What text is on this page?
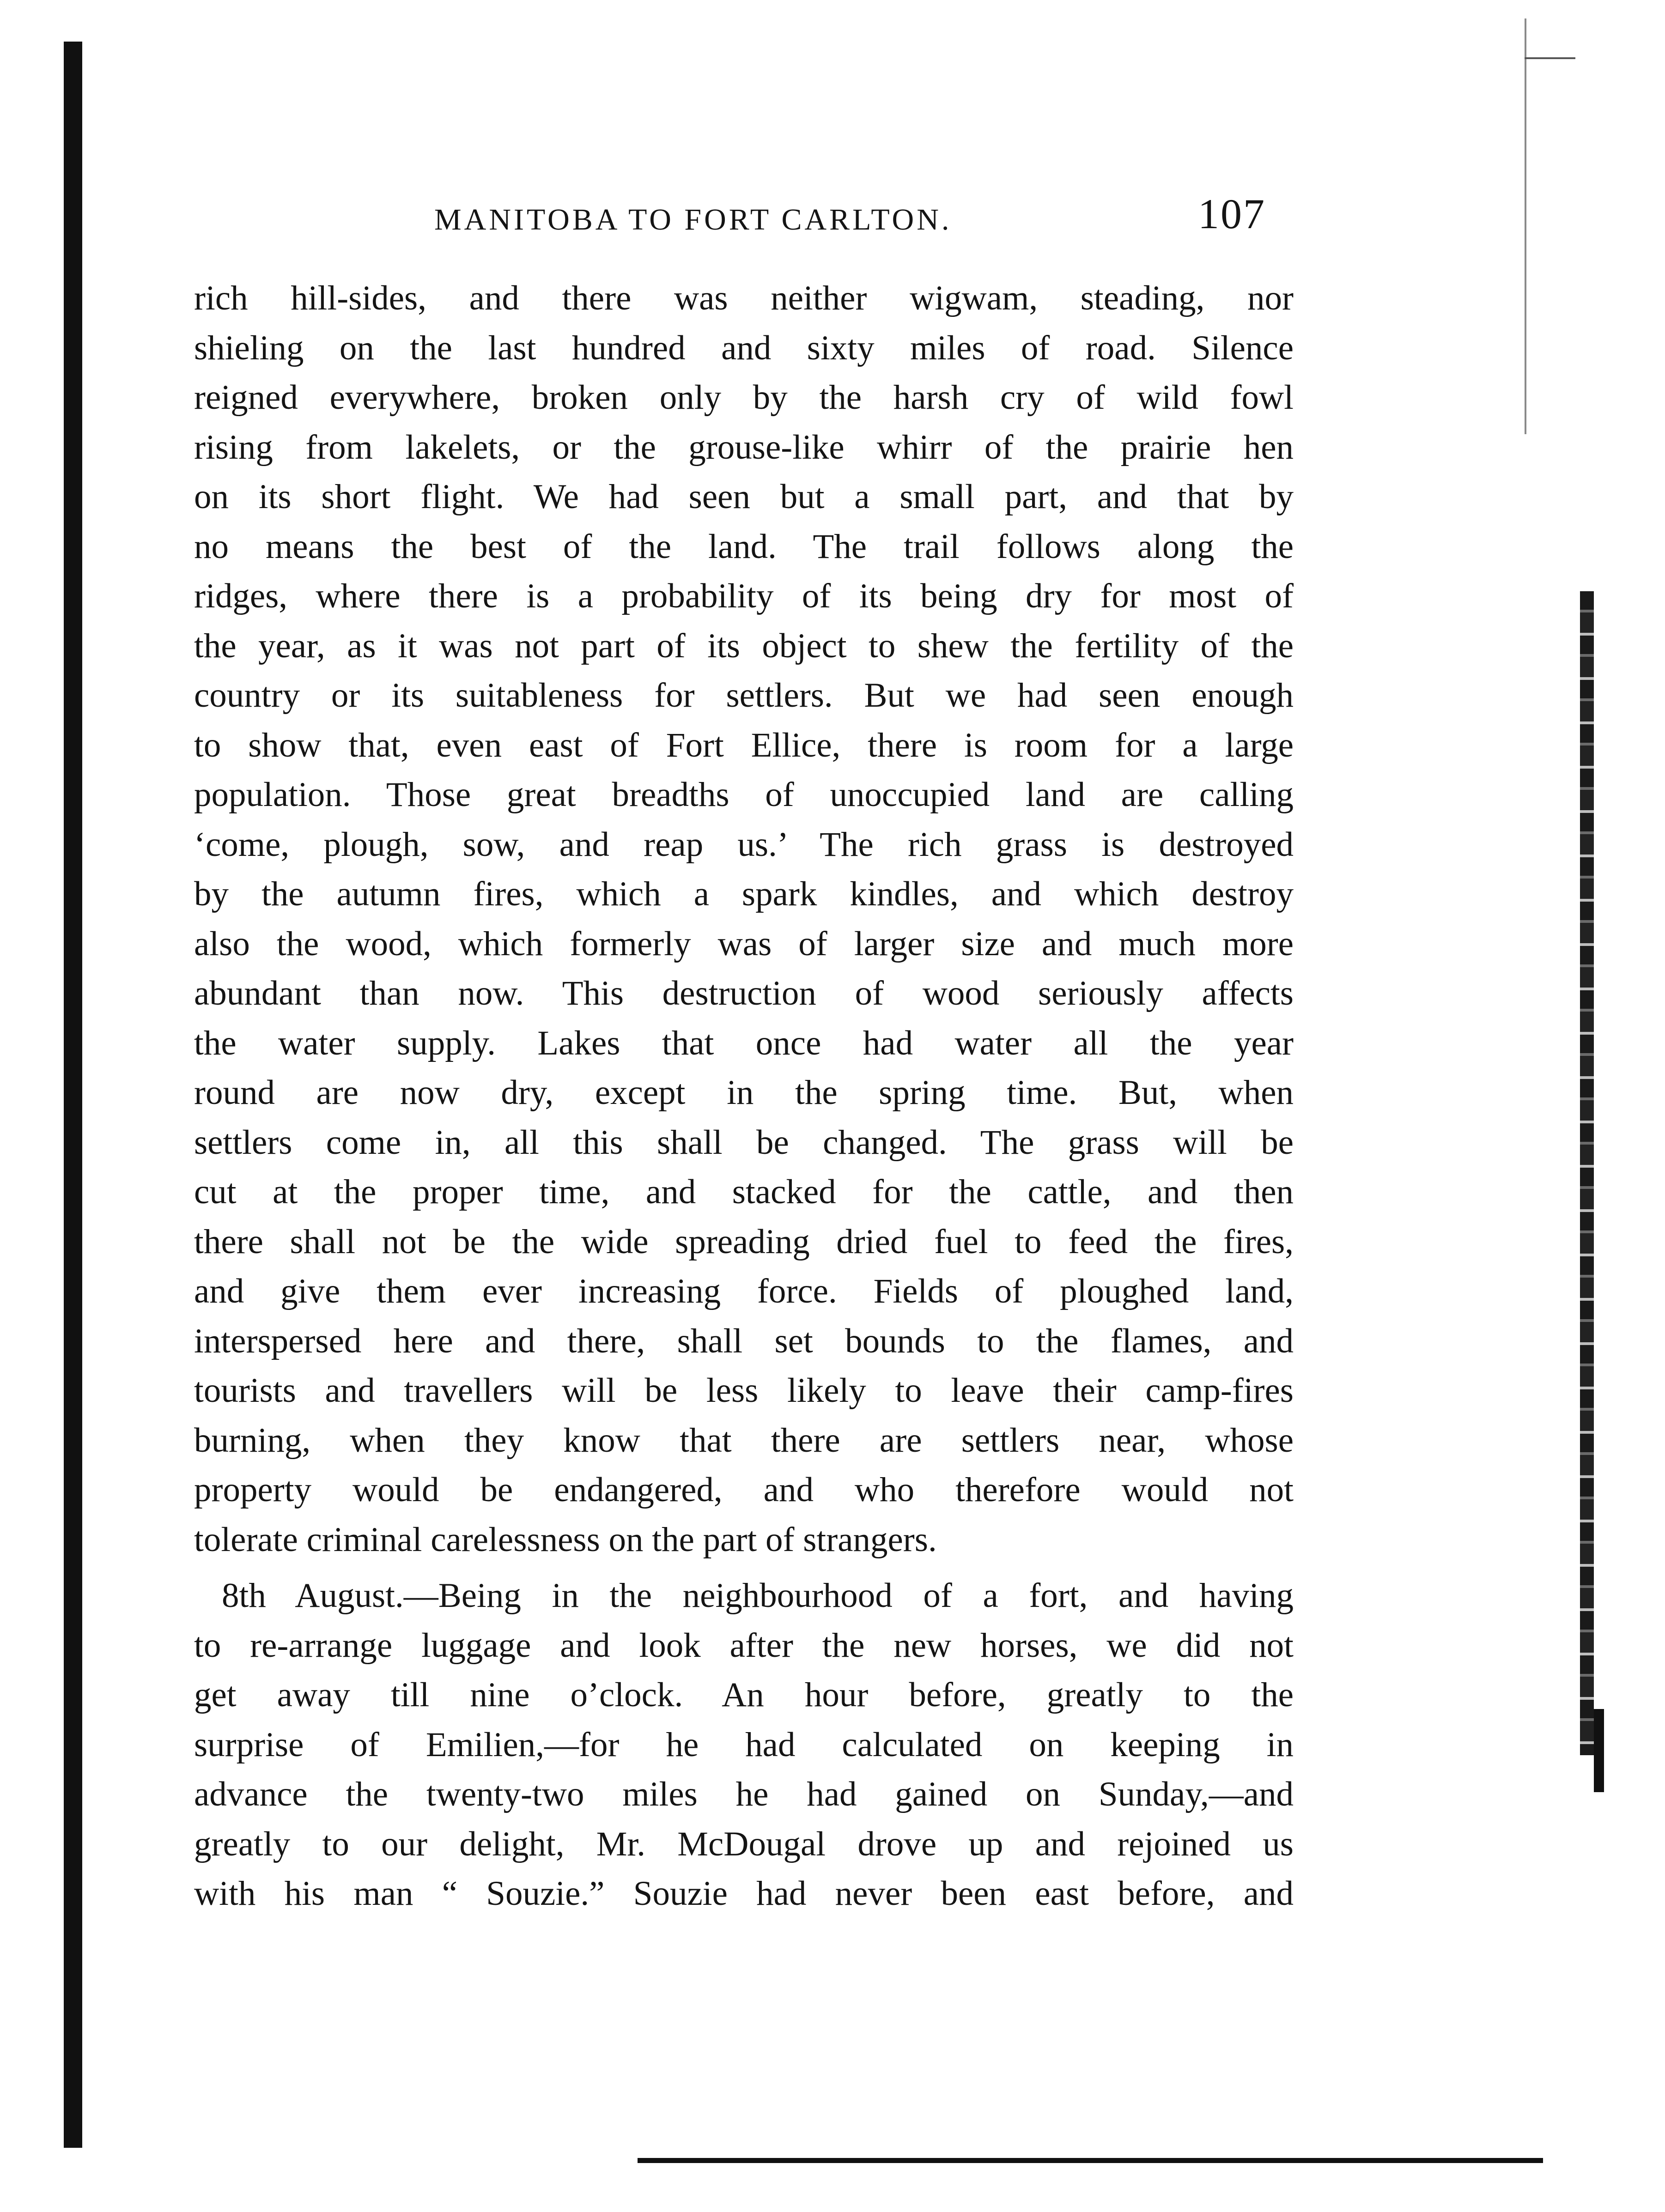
MANITOBA TO FORT CARLTON.	107
rich hill-sides, and there was neither wigwam, steading, nor
shieling on the last hundred and sixty miles of road. Silence
reigned everywhere, broken only by the harsh cry of wild fowl
rising from lakelets, or the grouse-like whirr of the prairie hen
on its short flight. We had seen but a small part, and that by
no means the best of the land. The trail follows along the
ridges, where there is a probability of its being dry for most of
the year, as it was not part of its object to shew the fertility of the
country or its suitableness for settlers. But we had seen enough
to show that, even east of Fort Ellice, there is room for a large
population. Those great breadths of unoccupied land are calling
‘come, plough, sow, and reap us.’ The rich grass is destroyed
by the autumn fires, which a spark kindles, and which destroy
also the wood, which formerly was of larger size and much more
abundant than now. This destruction of wood seriously affects
the water supply. Lakes that once had water all the year
round are now dry, except in the spring time. But, when
settlers come in, all this shall be changed. The grass will be
cut at the proper time, and stacked for the cattle, and then
there shall not be the wide spreading dried fuel to feed the fires,
and give them ever increasing force. Fields of ploughed land,
interspersed here and there, shall set bounds to the flames, and
tourists and travellers will be less likely to leave their camp-fires
burning, when they know that there are settlers near, whose
property would be endangered, and who therefore would not
tolerate criminal carelessness on the part of strangers.
8th August.—Being in the neighbourhood of a fort, and having
to re-arrange luggage and look after the new horses, we did not
get away till nine o’clock. An hour before, greatly to the
surprise of Emilien,—for he had calculated on keeping in
advance the twenty-two miles he had gained on Sunday,—and
greatly to our delight, Mr. McDougal drove up and rejoined us
with his man “ Souzie.” Souzie had never been east before, and
